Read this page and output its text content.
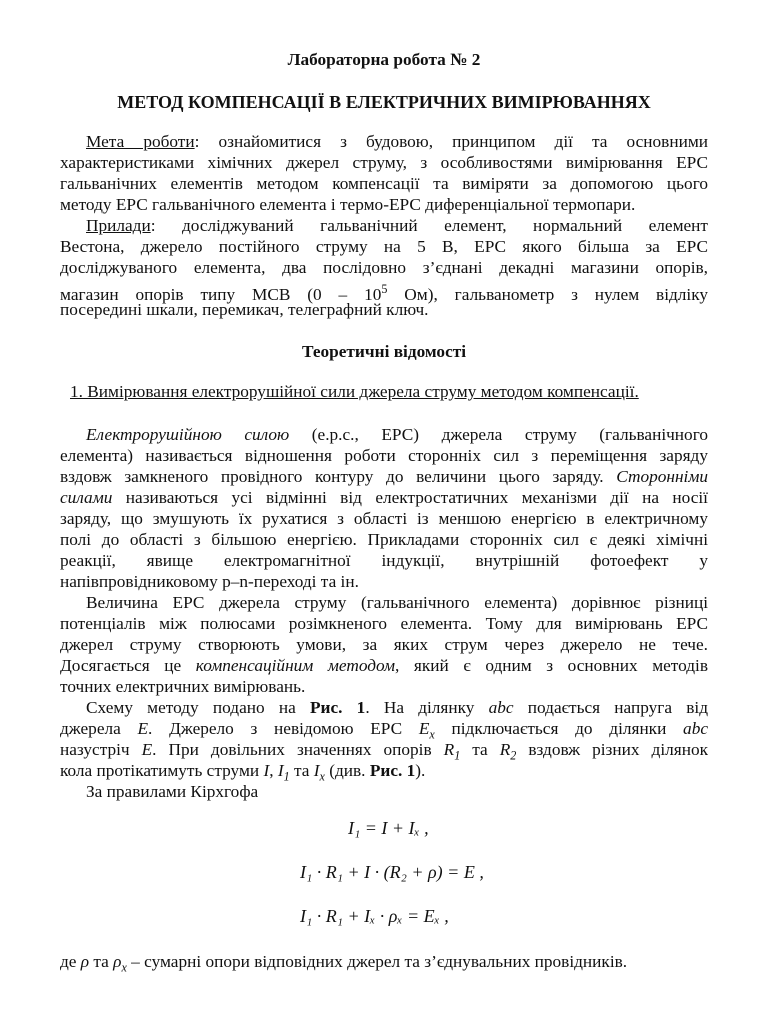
Лабораторна робота № 2
МЕТОД КОМПЕНСАЦІЇ В ЕЛЕКТРИЧНИХ ВИМІРЮВАННЯХ
Мета роботи: ознайомитися з будовою, принципом дії та основними
характеристиками хімічних джерел струму, з особливостями вимірювання ЕРС
гальванічних елементів методом компенсації та виміряти за допомогою цього
методу ЕРС гальванічного елемента і термо-ЕРС диференціальної термопари.
Прилади: досліджуваний гальванічний елемент, нормальний елемент
Вестона, джерело постійного струму на 5 В, ЕРС якого більша за ЕРС
досліджуваного елемента, два послідовно з’єднані декадні магазини опорів,
магазин опорів типу МСВ ($0 - 10^5$ Ом), гальванометр з нулем відліку
посередині шкали, перемикач, телеграфний ключ.
Теоретичні відомості
1. Вимірювання електрорушійної сили джерела струму методом компенсації.
Електрорушійною силою (е.р.с., ЕРС) джерела струму (гальванічного
елемента) називається відношення роботи сторонніх сил з переміщення заряду
вздовж замкненого провідного контуру до величини цього заряду. Сторонніми
силами називаються усі відмінні від електростатичних механізми дії на носії
заряду, що змушують їх рухатися з області із меншою енергією в електричному
полі до області з більшою енергією. Прикладами сторонніх сил є деякі хімічні
реакції, явище електромагнітної індукції, внутрішній фотоефект у
напівпровідниковому p–n-переході та ін.
Величина ЕРС джерела струму (гальванічного елемента) дорівнює різниці
потенціалів між полюсами розімкненого елемента. Тому для вимірювань ЕРС
джерел струму створюють умови, за яких струм через джерело не тече.
Досягається це компенсаційним методом, який є одним з основних методів
точних електричних вимірювань.
Схему методу подано на Рис. 1. На ділянку abc подається напруга від
джерела E. Джерело з невідомою ЕРС $E_x$ підключається до ділянки abc
назустріч E. При довільних значеннях опорів $R_1$ та $R_2$ вздовж різних ділянок
кола протікатимуть струми I, $I_1$ та $I_x$ (див. Рис. 1).
За правилами Кірхгофа
I₁ = I + Iₓ ,
I₁ · R₁ + I · (R₂ + ρ) = E ,
I₁ · R₁ + Iₓ · ρₓ = Eₓ ,
де ρ та $\rho_x$ – сумарні опори відповідних джерел та з’єднувальних провідників.
